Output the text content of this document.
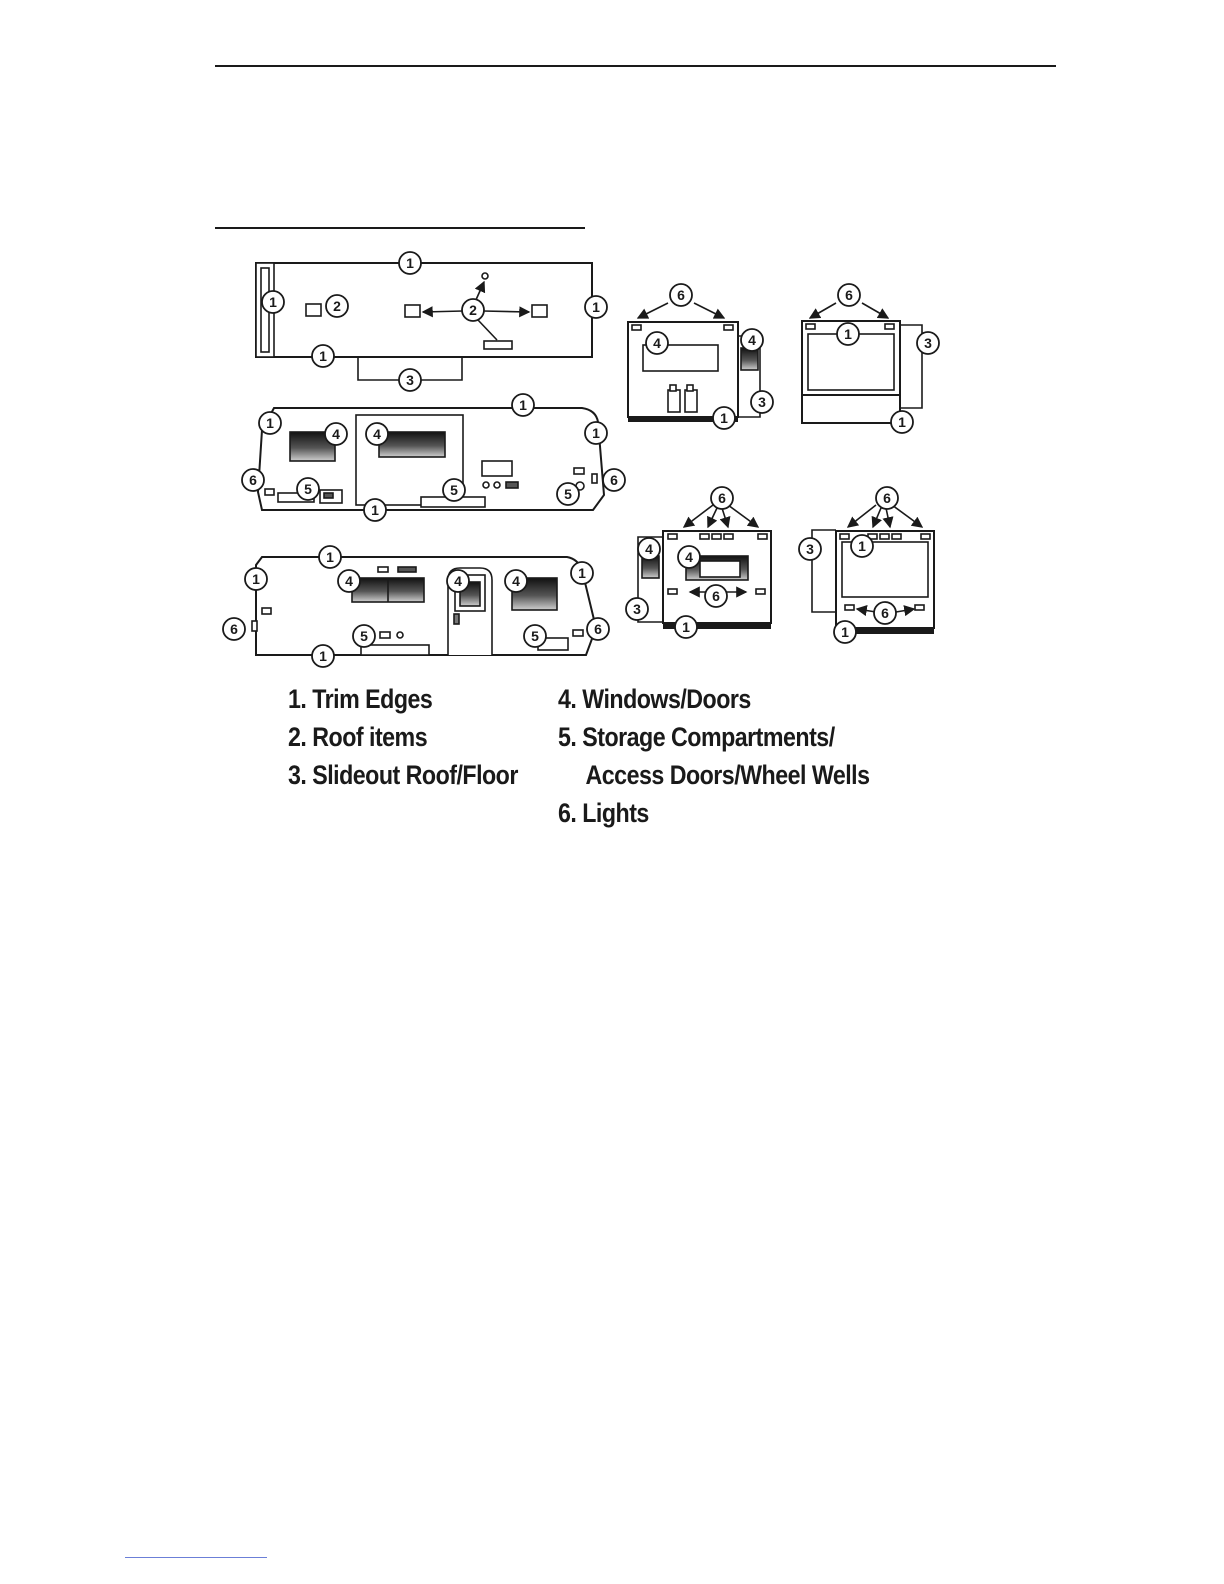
1
1	2	2	1
1
3
1
1
4 4	1
6
5	5	5
6
1
1
1	4	4	4	1
6	5	5	6
1
6
4	4
3
1
6
1
3
1
6
4 4
6
3
1
6
1
3
6
1
1. Trim Edges
2. Roof items
3. Slideout Roof/Floor
4. Windows/Doors
5. Storage Compartments/
Access Doors/Wheel Wells
6. Lights
